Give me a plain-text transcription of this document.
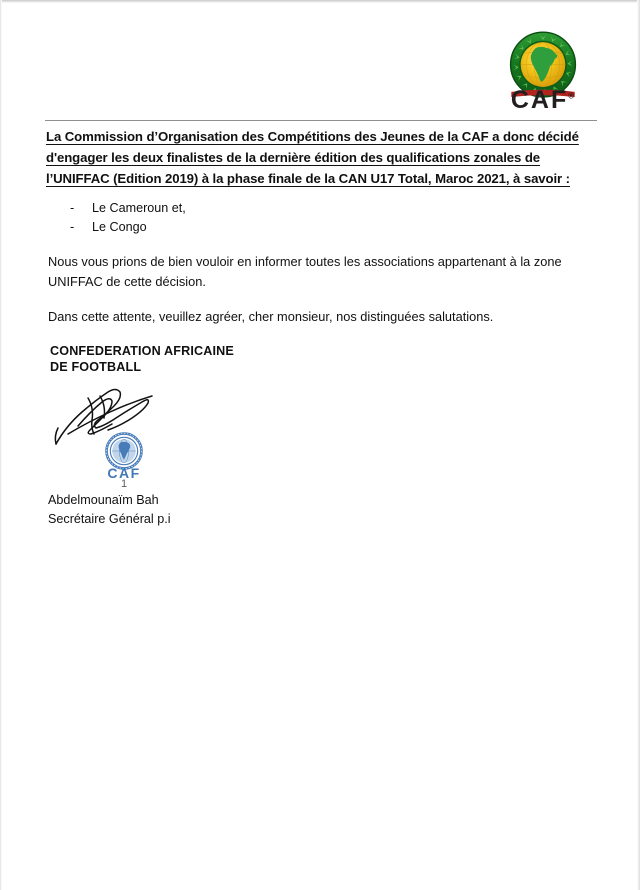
CAF®
La Commission d’Organisation des Compétitions des Jeunes de la CAF a donc décidé
d'engager les deux finalistes de la dernière édition des qualifications zonales de
l’UNIFFAC (Edition 2019) à la phase finale de la CAN U17 Total, Maroc 2021, à savoir :
-	Le Cameroun et,
-	Le Congo
Nous vous prions de bien vouloir en informer toutes les associations appartenant à la zone UNIFFAC de cette décision.
Dans cette attente, veuillez agréer, cher monsieur, nos distinguées salutations.
CONFEDERATION AFRICAINE
DE FOOTBALL
CAF
1
Abdelmounaïm Bah
Secrétaire Général p.i
